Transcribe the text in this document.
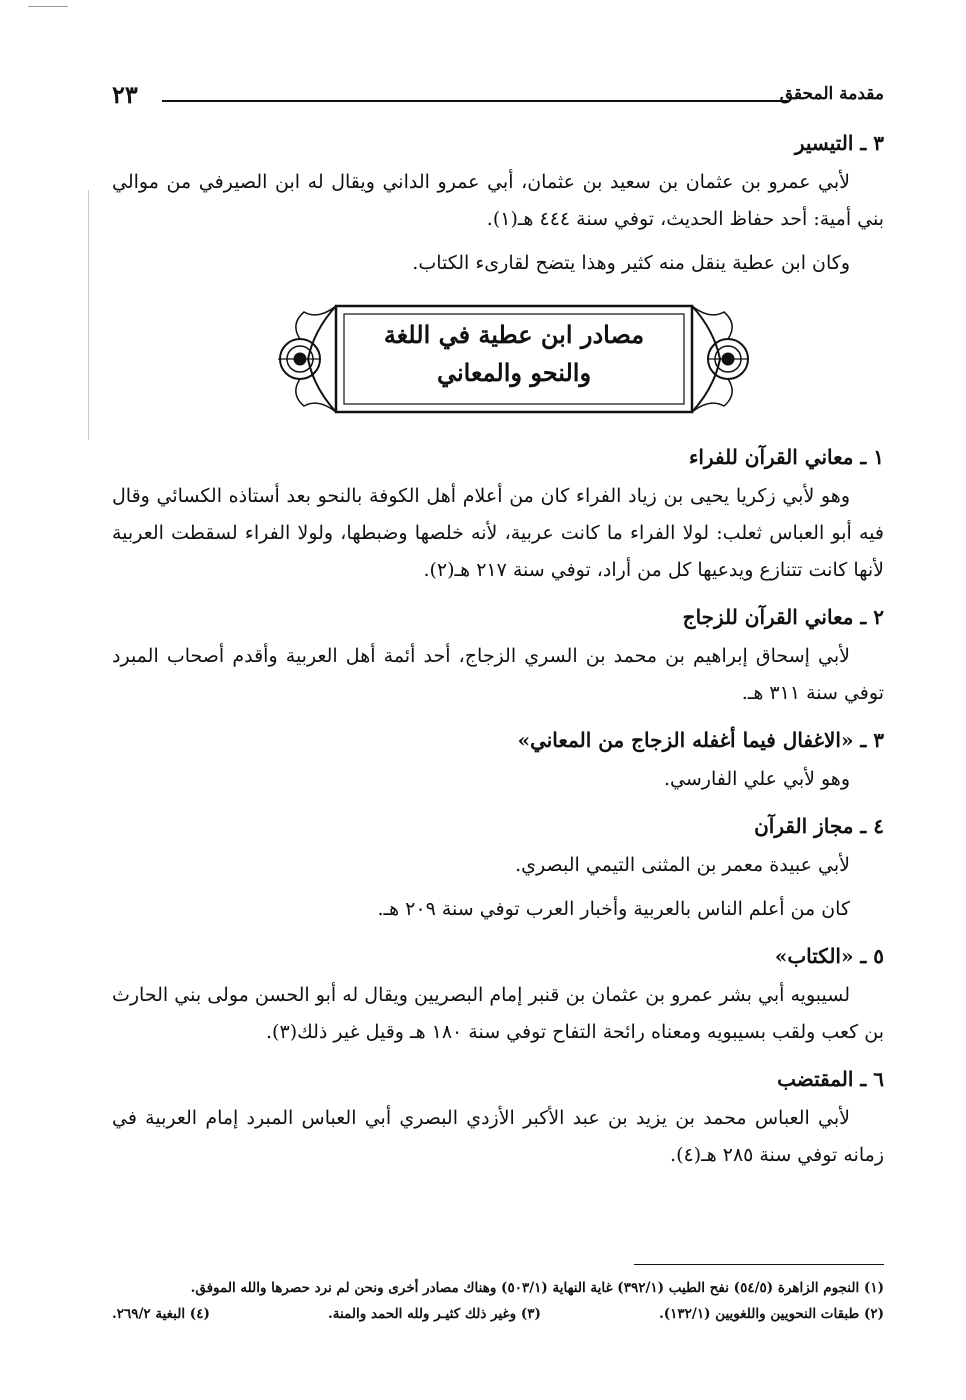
مقدمة المحقق
٢٣
٣ ـ التيسير

لأبي عمرو بن عثمان بن سعيد بن عثمان، أبي عمرو الداني ويقال له ابن الصيرفي من موالي بني أمية: أحد حفاظ الحديث، توفي سنة ٤٤٤ هـ(١).

وكان ابن عطية ينقل منه كثير وهذا يتضح لقارىء الكتاب.

مصادر ابن عطية في اللغة
والنحو والمعاني
١ ـ معاني القرآن للفراء

وهو لأبي زكريا يحيى بن زياد الفراء كان من أعلام أهل الكوفة بالنحو بعد أستاذه الكسائي وقال فيه أبو العباس ثعلب: لولا الفراء ما كانت عربية، لأنه خلصها وضبطها، ولولا الفراء لسقطت العربية لأنها كانت تتنازع ويدعيها كل من أراد، توفي سنة ٢١٧ هـ(٢).

٢ ـ معاني القرآن للزجاج

لأبي إسحاق إبراهيم بن محمد بن السري الزجاج، أحد أئمة أهل العربية وأقدم أصحاب المبرد توفي سنة ٣١١ هـ.

٣ ـ «الاغفال فيما أغفله الزجاج من المعاني»

وهو لأبي علي الفارسي.

٤ ـ مجاز القرآن

لأبي عبيدة معمر بن المثنى التيمي البصري.

كان من أعلم الناس بالعربية وأخبار العرب توفي سنة ٢٠٩ هـ.

٥ ـ «الكتاب»

لسيبويه أبي بشر عمرو بن عثمان بن قنبر إمام البصريين ويقال له أبو الحسن مولى بني الحارث بن كعب ولقب بسيبويه ومعناه رائحة التفاح توفي سنة ١٨٠ هـ وقيل غير ذلك(٣).

٦ ـ المقتضب

لأبي العباس محمد بن يزيد بن عبد الأكبر الأزدي البصري أبي العباس المبرد إمام العربية في زمانه توفي سنة ٢٨٥ هـ(٤).

(١) النجوم الزاهرة (٥٤/٥) نفح الطيب (٣٩٢/١) غاية النهاية (٥٠٣/١) وهناك مصادر أخرى ونحن لم نرد حصرها والله الموفق.
(٢) طبقات النحويين واللغويين (١٣٢/١).
(٣) وغير ذلك كثيـر ولله الحمد والمنة.
(٤) البغية ٢٦٩/٢.
